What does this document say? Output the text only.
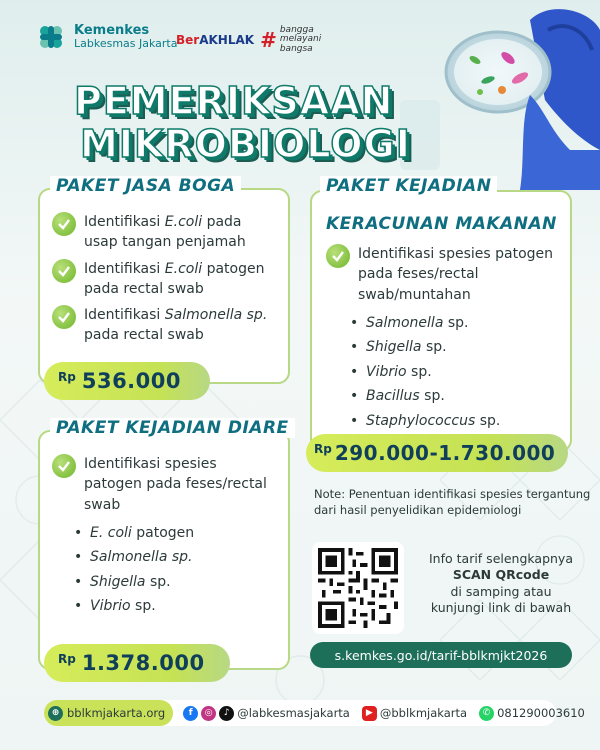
Kemenkes
Labkesmas Jakarta
BerAKHLAK # bangga
melayani
bangsa
PEMERIKSAAN
MIKROBIOLOGI
Identifikasi E.coli pada usap tangan penjamah
Identifikasi E.coli patogen pada rectal swab
Identifikasi Salmonella sp. pada rectal swab
PAKET JASA BOGA
Rp 536.000
Identifikasi spesies patogen pada feses/rectal swab/muntahan
• Salmonella sp.
• Shigella sp.
• Vibrio sp.
• Bacillus sp.
• Staphylococcus sp.
PAKET KEJADIAN
KERACUNAN MAKANAN
Rp 290.000-1.730.000
Identifikasi spesies patogen pada feses/rectal swab
• E. coli patogen
• Salmonella sp.
• Shigella sp.
• Vibrio sp.
PAKET KEJADIAN DIARE
Rp 1.378.000
Note: Penentuan identifikasi spesies tergantung dari hasil penyelidikan epidemiologi
Info tarif selengkapnya
SCAN QRcode
di samping atau
kunjungi link di bawah
s.kemkes.go.id/tarif-bblkmjkt2026
⊕ bblkmjakarta.org	f	◎	♪ @labkesmasjakarta	▶ @bblkmjakarta	✆ 081290003610
